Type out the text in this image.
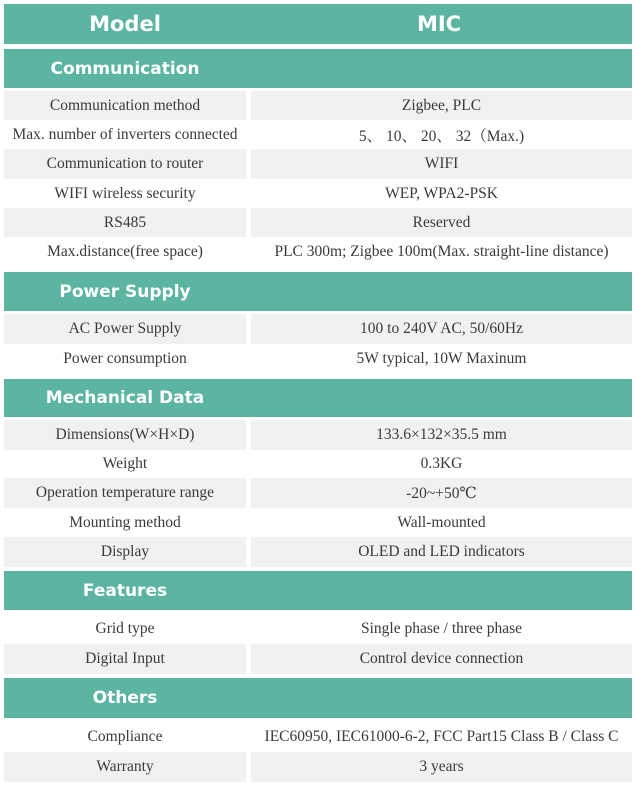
Model	MIC
Communication
Communication method	Zigbee, PLC
Max. number of inverters connected	5、 10、 20、 32（Max.)
Communication to router	WIFI
WIFI wireless security	WEP, WPA2-PSK
RS485	Reserved
Max.distance(free space)	PLC 300m; Zigbee 100m(Max. straight-line distance)
Power Supply
AC Power Supply	100 to 240V AC, 50/60Hz
Power consumption	5W typical, 10W Maxinum
Mechanical Data
Dimensions(W×H×D)	133.6×132×35.5 mm
Weight	0.3KG
Operation temperature range	-20~+50℃
Mounting method	Wall-mounted
Display	OLED and LED indicators
Features
Grid type	Single phase / three phase
Digital Input	Control device connection
Others
Compliance	IEC60950, IEC61000-6-2, FCC Part15 Class B / Class C
Warranty	3 years
